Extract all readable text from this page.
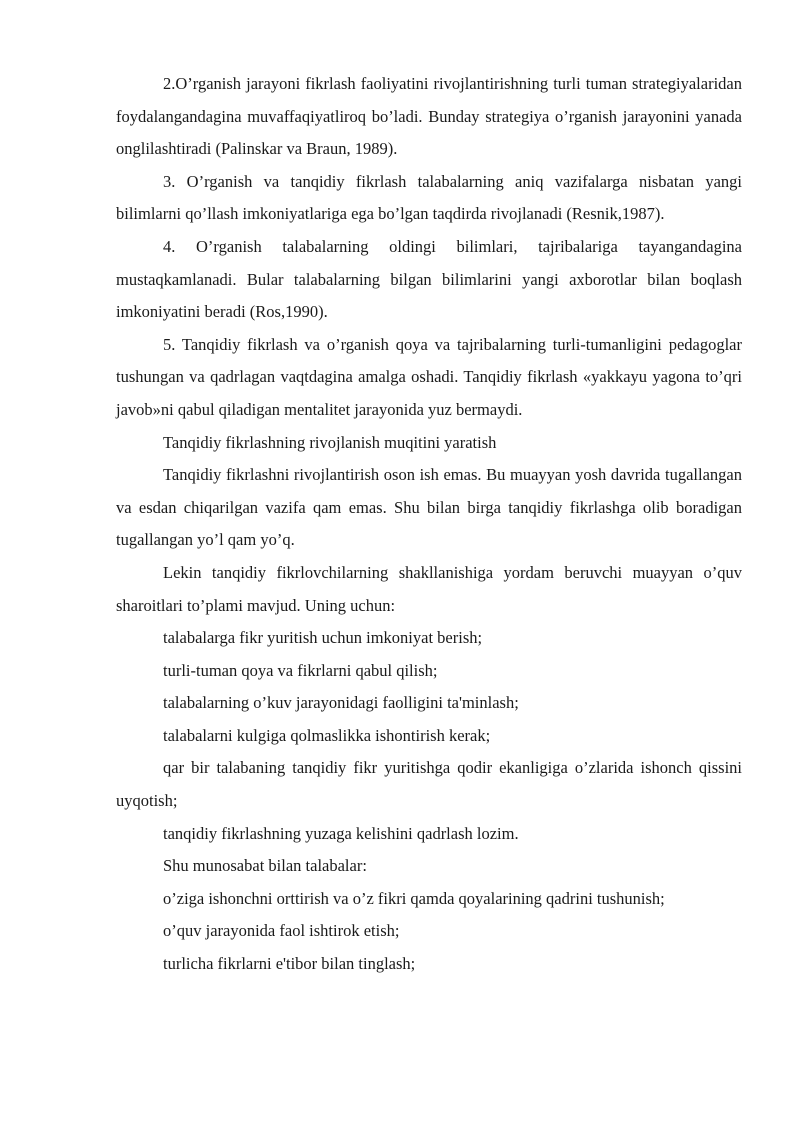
2.O’rganish jarayoni fikrlash faoliyatini rivojlantirishning turli tuman strategiyalaridan foydalangandagina muvaffaqiyatliroq bo’ladi. Bunday strategiya o’rganish jarayonini yanada onglilashtiradi (Palinskar va Braun, 1989).

3. O’rganish va tanqidiy fikrlash talabalarning aniq vazifalarga nisbatan yangi bilimlarni qo’llash imkoniyatlariga ega bo’lgan taqdirda rivojlanadi (Resnik,1987).

4. O’rganish talabalarning oldingi bilimlari, tajribalariga tayangandagina mustaqkamlanadi. Bular talabalarning bilgan bilimlarini yangi axborotlar bilan boqlash imkoniyatini beradi (Ros,1990).

5. Tanqidiy fikrlash va o’rganish qoya va tajribalarning turli-tumanligini pedagoglar tushungan va qadrlagan vaqtdagina amalga oshadi. Tanqidiy fikrlash «yakkayu yagona to’qri javob»ni qabul qiladigan mentalitet jarayonida yuz bermaydi.

Tanqidiy fikrlashning rivojlanish muqitini yaratish

Tanqidiy fikrlashni rivojlantirish oson ish emas. Bu muayyan yosh davrida tugallangan va esdan chiqarilgan vazifa qam emas. Shu bilan birga tanqidiy fikrlashga olib boradigan tugallangan yo’l qam yo’q.

Lekin tanqidiy fikrlovchilarning shakllanishiga yordam beruvchi muayyan o’quv sharoitlari to’plami mavjud. Uning uchun:

talabalarga fikr yuritish uchun imkoniyat berish;

turli-tuman qoya va fikrlarni qabul qilish;

talabalarning o’kuv jarayonidagi faolligini ta'minlash;

talabalarni kulgiga qolmaslikka ishontirish kerak;

qar bir talabaning tanqidiy fikr yuritishga qodir ekanligiga o’zlarida ishonch qissini uyqotish;

tanqidiy fikrlashning yuzaga kelishini qadrlash lozim.

Shu munosabat bilan talabalar:

o’ziga ishonchni orttirish va o’z fikri qamda qoyalarining qadrini tushunish;

o’quv jarayonida faol ishtirok etish;

turlicha fikrlarni e'tibor bilan tinglash;
